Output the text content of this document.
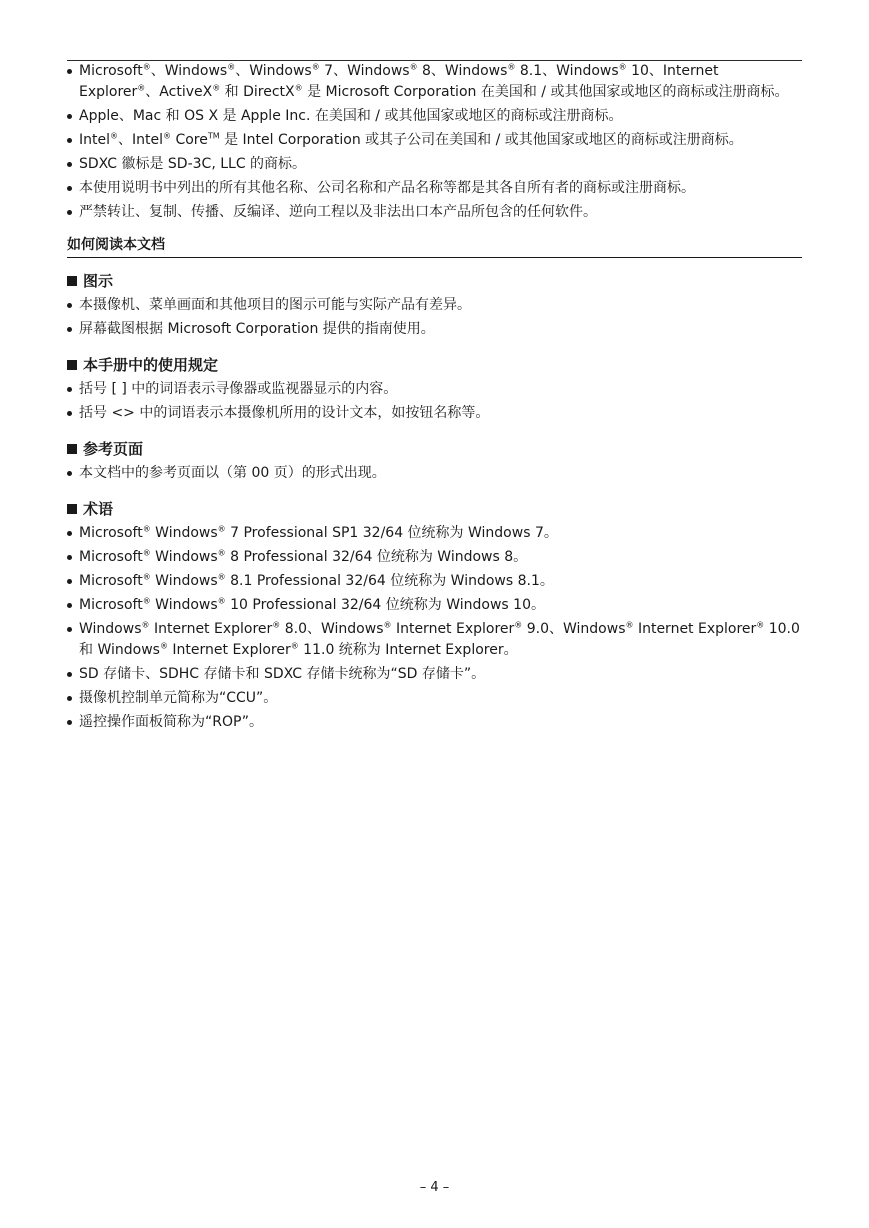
Microsoft®、Windows®、Windows® 7、Windows® 8、Windows® 8.1、Windows® 10、Internet Explorer®、ActiveX® 和 DirectX® 是 Microsoft Corporation 在美国和 / 或其他国家或地区的商标或注册商标。
Apple、Mac 和 OS X 是 Apple Inc. 在美国和 / 或其他国家或地区的商标或注册商标。
Intel®、Intel® Core™ 是 Intel Corporation 或其子公司在美国和 / 或其他国家或地区的商标或注册商标。
SDXC 徽标是 SD-3C, LLC 的商标。
本使用说明书中列出的所有其他名称、公司名称和产品名称等都是其各自所有者的商标或注册商标。
严禁转让、复制、传播、反编译、逆向工程以及非法出口本产品所包含的任何软件。
如何阅读本文档
图示
本摄像机、菜单画面和其他项目的图示可能与实际产品有差异。
屏幕截图根据 Microsoft Corporation 提供的指南使用。
本手册中的使用规定
括号 [ ] 中的词语表示寻像器或监视器显示的内容。
括号 <> 中的词语表示本摄像机所用的设计文本，如按钮名称等。
参考页面
本文档中的参考页面以（第 00 页）的形式出现。
术语
Microsoft® Windows® 7 Professional SP1 32/64 位统称为 Windows 7。
Microsoft® Windows® 8 Professional 32/64 位统称为 Windows 8。
Microsoft® Windows® 8.1 Professional 32/64 位统称为 Windows 8.1。
Microsoft® Windows® 10 Professional 32/64 位统称为 Windows 10。
Windows® Internet Explorer® 8.0、Windows® Internet Explorer® 9.0、Windows® Internet Explorer® 10.0 和 Windows® Internet Explorer® 11.0 统称为 Internet Explorer。
SD 存储卡、SDHC 存储卡和 SDXC 存储卡统称为“SD 存储卡”。
摄像机控制单元简称为“CCU”。
遥控操作面板简称为“ROP”。
– 4 –
